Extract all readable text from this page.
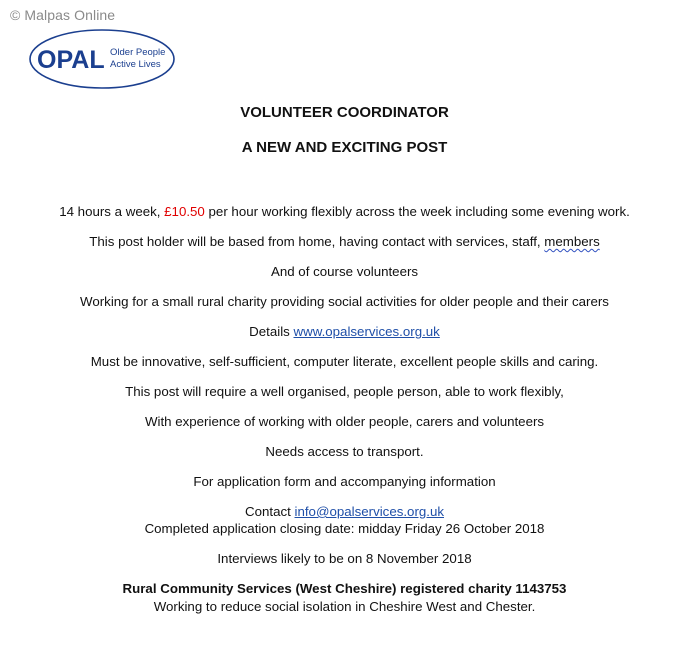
© Malpas Online
OPAL Older People
Active Lives
VOLUNTEER COORDINATOR
A NEW AND EXCITING POST
14 hours a week, £10.50 per hour working flexibly across the week including some evening work.
This post holder will be based from home, having contact with services, staff, members
And of course volunteers
Working for a small rural charity providing social activities for older people and their carers
Details www.opalservices.org.uk
Must be innovative, self-sufficient, computer literate, excellent people skills and caring.
This post will require a well organised, people person, able to work flexibly,
With experience of working with older people, carers and volunteers
Needs access to transport.
For application form and accompanying information
Contact info@opalservices.org.uk
Completed application closing date: midday Friday 26 October 2018
Interviews likely to be on 8 November 2018
Rural Community Services (West Cheshire) registered charity 1143753
Working to reduce social isolation in Cheshire West and Chester.
